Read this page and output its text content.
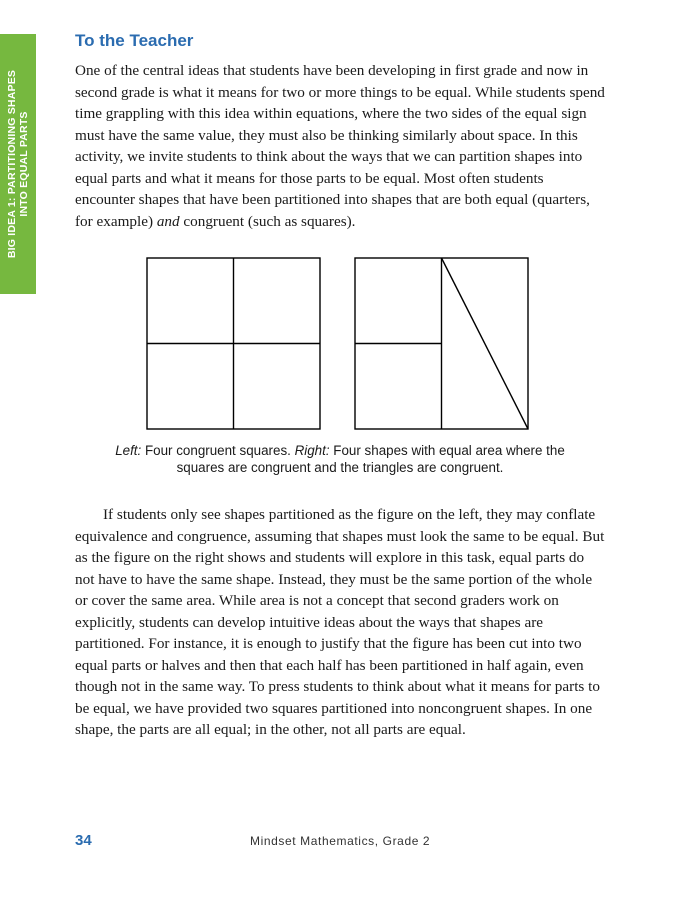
BIG IDEA 1: PARTITIONING SHAPES INTO EQUAL PARTS
To the Teacher

One of the central ideas that students have been developing in first grade and now in second grade is what it means for two or more things to be equal. While students spend time grappling with this idea within equations, where the two sides of the equal sign must have the same value, they must also be thinking similarly about space. In this activity, we invite students to think about the ways that we can partition shapes into equal parts and what it means for those parts to be equal. Most often students encounter shapes that have been partitioned into shapes that are both equal (quarters, for example) and congruent (such as squares).

Left: Four congruent squares. Right: Four shapes with equal area where the squares are congruent and the triangles are congruent.

If students only see shapes partitioned as the figure on the left, they may conflate equivalence and congruence, assuming that shapes must look the same to be equal. But as the figure on the right shows and students will explore in this task, equal parts do not have to have the same shape. Instead, they must be the same portion of the whole or cover the same area. While area is not a concept that second graders work on explicitly, students can develop intuitive ideas about the ways that shapes are partitioned. For instance, it is enough to justify that the figure has been cut into two equal parts or halves and then that each half has been partitioned in half again, even though not in the same way. To press students to think about what it means for parts to be equal, we have provided two squares partitioned into noncongruent shapes. In one shape, the parts are all equal; in the other, not all parts are equal.

34	Mindset Mathematics, Grade 2
